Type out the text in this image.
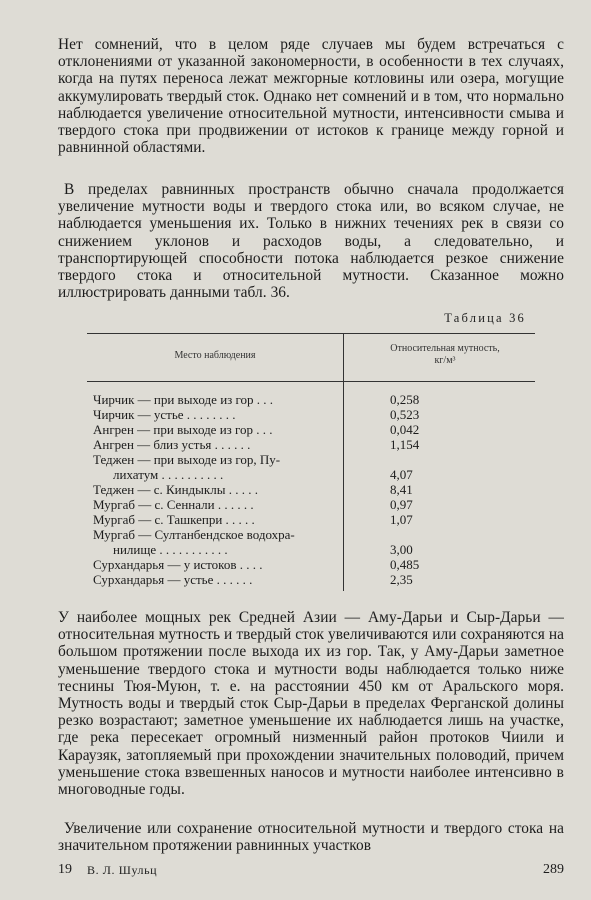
Нет сомнений, что в целом ряде случаев мы будем встречаться с отклонениями от указанной закономерности, в особенности в тех случаях, когда на путях переноса лежат межгорные котловины или озера, могущие аккумулировать твердый сток. Однако нет сомнений и в том, что нормально наблюдается увеличение относительной мутности, интенсивности смыва и твердого стока при продвижении от истоков к границе между горной и равнинной областями.

В пределах равнинных пространств обычно сначала продолжается увеличение мутности воды и твердого стока или, во всяком случае, не наблюдается уменьшения их. Только в нижних течениях рек в связи со снижением уклонов и расходов воды, а следовательно, и транспортирующей способности потока наблюдается резкое снижение твердого стока и относительной мутности. Сказанное можно иллюстрировать данными табл. 36.

Таблица 36
Место наблюдения
Относительная мутность,
кг/м³
Чирчик — при выходе из гор . . .	0,258
Чирчик — устье . . . . . . . .	0,523
Ангрен — при выходе из гор . . .	0,042
Ангрен — близ устья . . . . . .	1,154
Теджен — при выходе из гор, Пу-
лихатум . . . . . . . . . .	4,07
Теджен — с. Киндыклы . . . . .	8,41
Мургаб — с. Сеннали . . . . . .	0,97
Мургаб — с. Ташкепри . . . . .	1,07
Мургаб — Султанбендское водохра-
нилище . . . . . . . . . . .	3,00
Сурхандарья — у истоков . . . .	0,485
Сурхандарья — устье . . . . . .	2,35

У наиболее мощных рек Средней Азии — Аму-Дарьи и Сыр-Дарьи — относительная мутность и твердый сток увеличиваются или сохраняются на большом протяжении после выхода их из гор. Так, у Аму-Дарьи заметное уменьшение твердого стока и мутности воды наблюдается только ниже теснины Тюя-Муюн, т. е. на расстоянии 450 км от Аральского моря. Мутность воды и твердый сток Сыр-Дарьи в пределах Ферганской долины резко возрастают; заметное уменьшение их наблюдается лишь на участке, где река пересекает огромный низменный район протоков Чиили и Караузяк, затопляемый при прохождении значительных половодий, причем уменьшение стока взвешенных наносов и мутности наиболее интенсивно в многоводные годы.

Увеличение или сохранение относительной мутности и твердого стока на значительном протяжении равнинных участков

19 В. Л. Шульц	289
